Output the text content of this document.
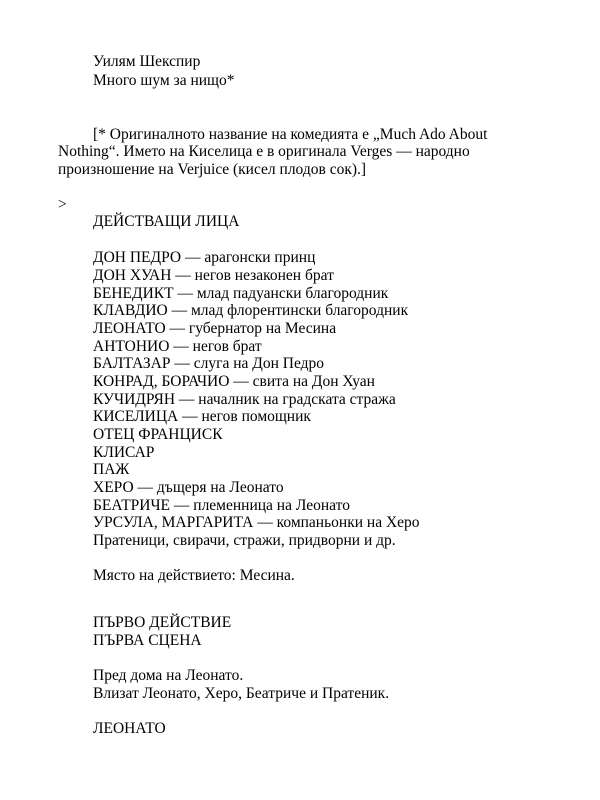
Уилям Шекспир
Много шум за нищо*
[* Оригиналното название на комедията е „Much Ado About
Nothing“. Името на Киселица е в оригинала Verges — народно
произношение на Verjuice (кисел плодов сок).]
>
ДЕЙСТВАЩИ ЛИЦА
ДОН ПЕДРО — арагонски принц
ДОН ХУАН — негов незаконен брат
БЕНЕДИКТ — млад падуански благородник
КЛАВДИО — млад флорентински благородник
ЛЕОНАТО — губернатор на Месина
АНТОНИО — негов брат
БАЛТАЗАР — слуга на Дон Педро
КОНРАД, БОРАЧИО — свита на Дон Хуан
КУЧИДРЯН — началник на градската стража
КИСЕЛИЦА — негов помощник
ОТЕЦ ФРАНЦИСК
КЛИСАР
ПАЖ
ХЕРО — дъщеря на Леонато
БЕАТРИЧЕ — племенница на Леонато
УРСУЛА, МАРГАРИТА — компаньонки на Херо
Пратеници, свирачи, стражи, придворни и др.
Място на действието: Месина.
ПЪРВО ДЕЙСТВИЕ
ПЪРВА СЦЕНА
Пред дома на Леонато.
Влизат Леонато, Херо, Беатриче и Пратеник.
ЛЕОНАТО
